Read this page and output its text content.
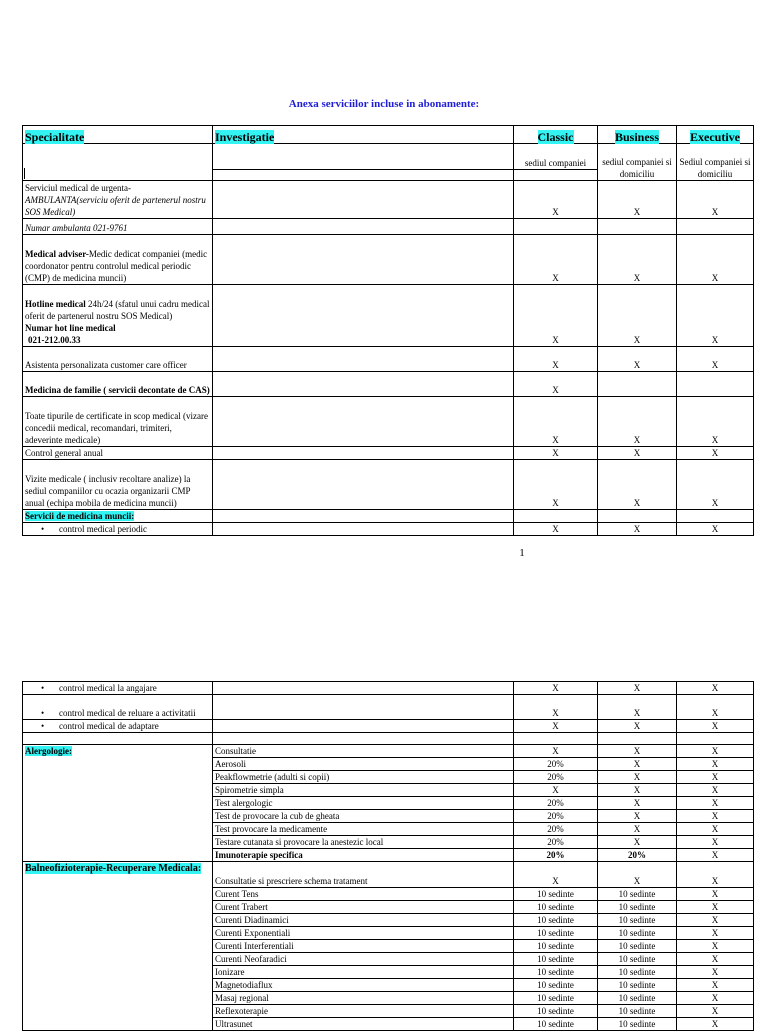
Anexa serviciilor incluse in abonamente:
Specialitate	Investigatie	Classic	Business	Executive
		sediul companiei	sediul companiei si domiciliu	Sediul companiei si domiciliu

Serviciul medical de urgenta-
AMBULANTA(serviciu oferit de partenerul nostru SOS Medical)		X	X	X
Numar ambulanta 021-9761				
Medical adviser-Medic dedicat companiei (medic coordonator pentru controlul medical periodic (CMP) de medicina muncii)		X	X	X
Hotline medical 24h/24 (sfatul unui cadru medical oferit de partenerul nostru SOS Medical)
Numar hot line medical
021-212.00.33		X	X	X
Asistenta personalizata customer care officer		X	X	X
Medicina de familie ( servicii decontate de CAS)		X		
Toate tipurile de certificate in scop medical (vizare concedii medical, recomandari, trimiteri, adeverinte medicale)		X	X	X
Control general anual		X	X	X
Vizite medicale ( inclusiv recoltare analize) la sediul companiilor cu ocazia organizarii CMP anual (echipa mobila de medicina muncii)		X	X	X
Servicii de medicina muncii:				
• control medical periodic		X	X	X
1
• control medical la angajare		X	X	X
• control medical de reluare a activitatii		X	X	X
• control medical de adaptare		X	X	X

Alergologie:	Consultatie	X	X	X
	Aerosoli	20%	X	X
	Peakflowmetrie (adulti si copii)	20%	X	X
	Spirometrie simpla	X	X	X
	Test alergologic	20%	X	X
	Test de provocare la cub de gheata	20%	X	X
	Test provocare la medicamente	20%	X	X
	Testare cutanata si provocare la anestezic local	20%	X	X
	Imunoterapie specifica	20%	20%	X
Balneofizioterapie-Recuperare Medicala:	Consultatie si prescriere schema tratament	X	X	X
	Curent Tens	10 sedinte	10 sedinte	X
	Curent Trabert	10 sedinte	10 sedinte	X
	Curenti Diadinamici	10 sedinte	10 sedinte	X
	Curenti Exponentiali	10 sedinte	10 sedinte	X
	Curenti Interferentiali	10 sedinte	10 sedinte	X
	Curenti Neofaradici	10 sedinte	10 sedinte	X
	Ionizare	10 sedinte	10 sedinte	X
	Magnetodiaflux	10 sedinte	10 sedinte	X
	Masaj regional	10 sedinte	10 sedinte	X
	Reflexoterapie	10 sedinte	10 sedinte	X
	Ultrasunet	10 sedinte	10 sedinte	X
